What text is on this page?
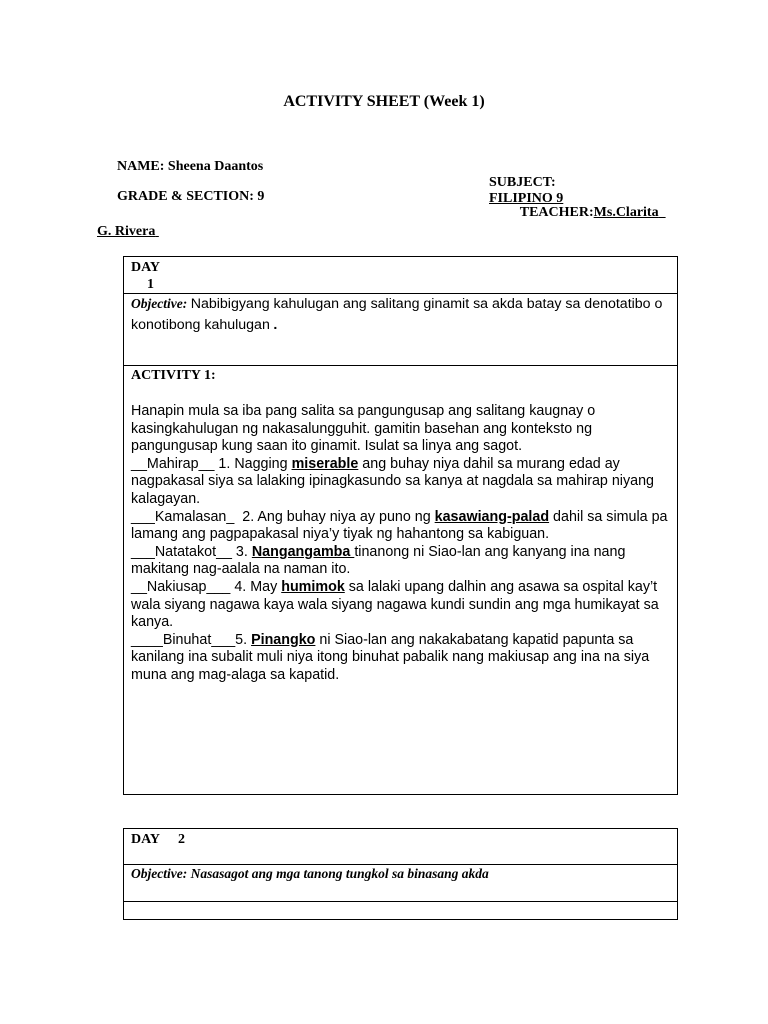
ACTIVITY SHEET (Week 1)
NAME: Sheena Daantos

SUBJECT:
FILIPINO 9

GRADE & SECTION: 9

TEACHER:Ms.Clarita

G. Rivera

DAY
1

Objective: Nabibigyang kahulugan ang salitang ginamit sa akda batay sa denotatibo o konotibong kahulugan .

ACTIVITY 1:

Hanapin mula sa iba pang salita sa pangungusap ang salitang kaugnay o kasingkahulugan ng nakasalungguhit. gamitin basehan ang konteksto ng pangungusap kung saan ito ginamit. Isulat sa linya ang sagot.

__Mahirap__ 1. Nagging miserable ang buhay niya dahil sa murang edad ay nagpakasal siya sa lalaking ipinagkasundo sa kanya at nagdala sa mahirap niyang kalagayan.

___Kamalasan_  2. Ang buhay niya ay puno ng kasawiang-palad dahil sa simula pa lamang ang pagpapakasal niya’y tiyak ng hahantong sa kabiguan.

___Natatakot__ 3. Nangangamba tinanong ni Siao-lan ang kanyang ina nang makitang nag-aalala na naman ito.

__Nakiusap___ 4. May humimok sa lalaki upang dalhin ang asawa sa ospital kay’t wala siyang nagawa kaya wala siyang nagawa kundi sundin ang mga humikayat sa kanya.

____Binuhat___5. Pinangko ni Siao-lan ang nakakabatang kapatid papunta sa kanilang ina subalit muli niya itong binuhat pabalik nang makiusap ang ina na siya muna ang mag-alaga sa kapatid.

DAY 2
Objective: Nasasagot ang mga tanong tungkol sa binasang akda
